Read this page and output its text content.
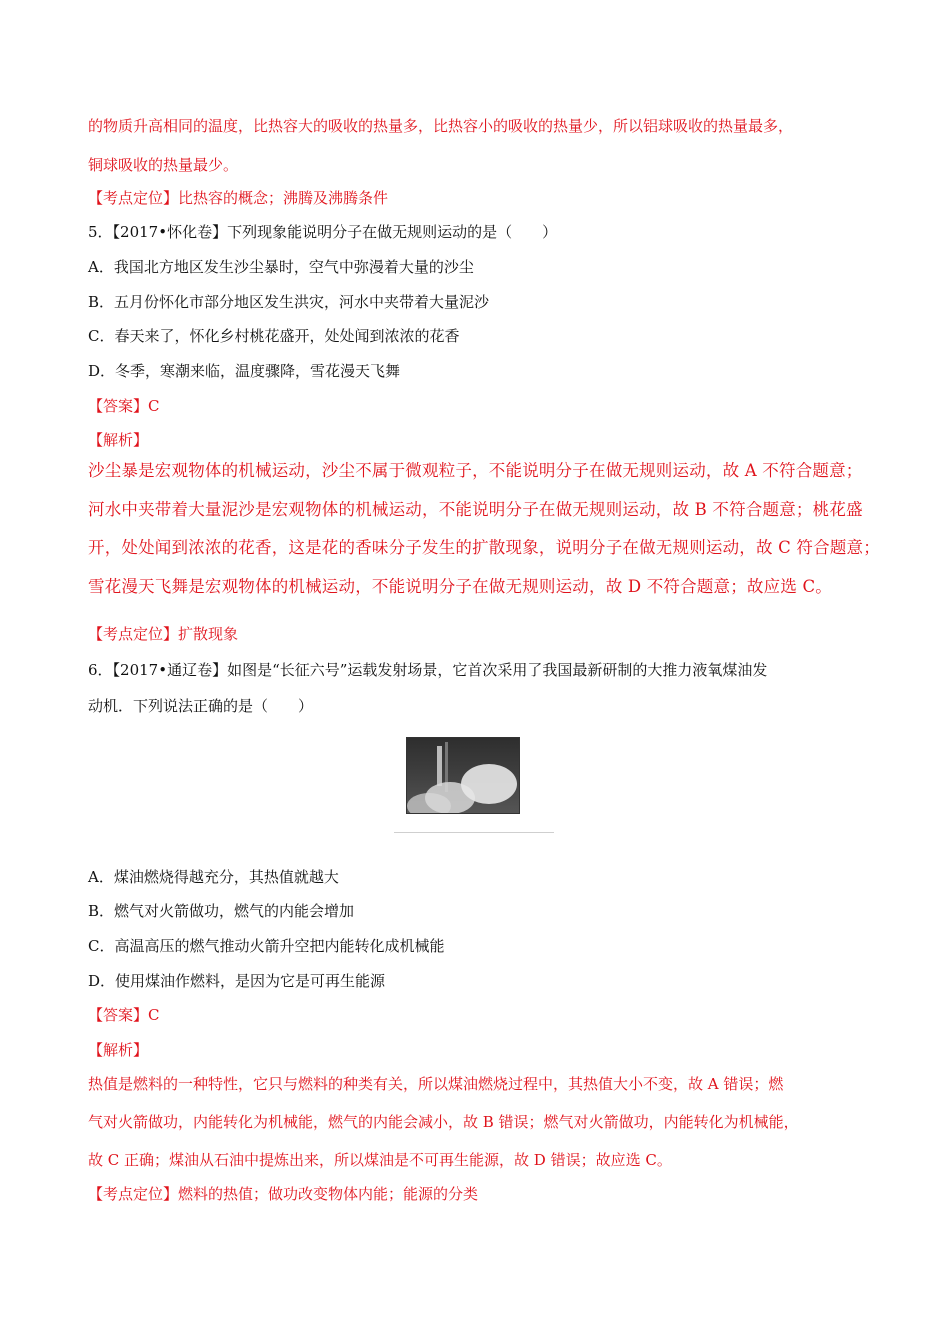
的物质升高相同的温度，比热容大的吸收的热量多，比热容小的吸收的热量少，所以铝球吸收的热量最多，
铜球吸收的热量最少。
【考点定位】比热容的概念；沸腾及沸腾条件
5．【2017•怀化卷】下列现象能说明分子在做无规则运动的是（　　）
A．我国北方地区发生沙尘暴时，空气中弥漫着大量的沙尘
B．五月份怀化市部分地区发生洪灾，河水中夹带着大量泥沙
C．春天来了，怀化乡村桃花盛开，处处闻到浓浓的花香
D．冬季，寒潮来临，温度骤降，雪花漫天飞舞
【答案】C
【解析】
沙尘暴是宏观物体的机械运动，沙尘不属于微观粒子，不能说明分子在做无规则运动，故 A 不符合题意；
河水中夹带着大量泥沙是宏观物体的机械运动，不能说明分子在做无规则运动，故 B 不符合题意；桃花盛
开，处处闻到浓浓的花香，这是花的香味分子发生的扩散现象，说明分子在做无规则运动，故 C 符合题意；
雪花漫天飞舞是宏观物体的机械运动，不能说明分子在做无规则运动，故 D 不符合题意；故应选 C。
【考点定位】扩散现象
6．【2017•通辽卷】如图是“长征六号”运载发射场景，它首次采用了我国最新研制的大推力液氧煤油发
动机．下列说法正确的是（　　）
A．煤油燃烧得越充分，其热值就越大
B．燃气对火箭做功，燃气的内能会增加
C．高温高压的燃气推动火箭升空把内能转化成机械能
D．使用煤油作燃料，是因为它是可再生能源
【答案】C
【解析】
热值是燃料的一种特性，它只与燃料的种类有关，所以煤油燃烧过程中，其热值大小不变，故 A 错误；燃
气对火箭做功，内能转化为机械能，燃气的内能会减小，故 B 错误；燃气对火箭做功，内能转化为机械能，
故 C 正确；煤油从石油中提炼出来，所以煤油是不可再生能源，故 D 错误；故应选 C。
【考点定位】燃料的热值；做功改变物体内能；能源的分类
